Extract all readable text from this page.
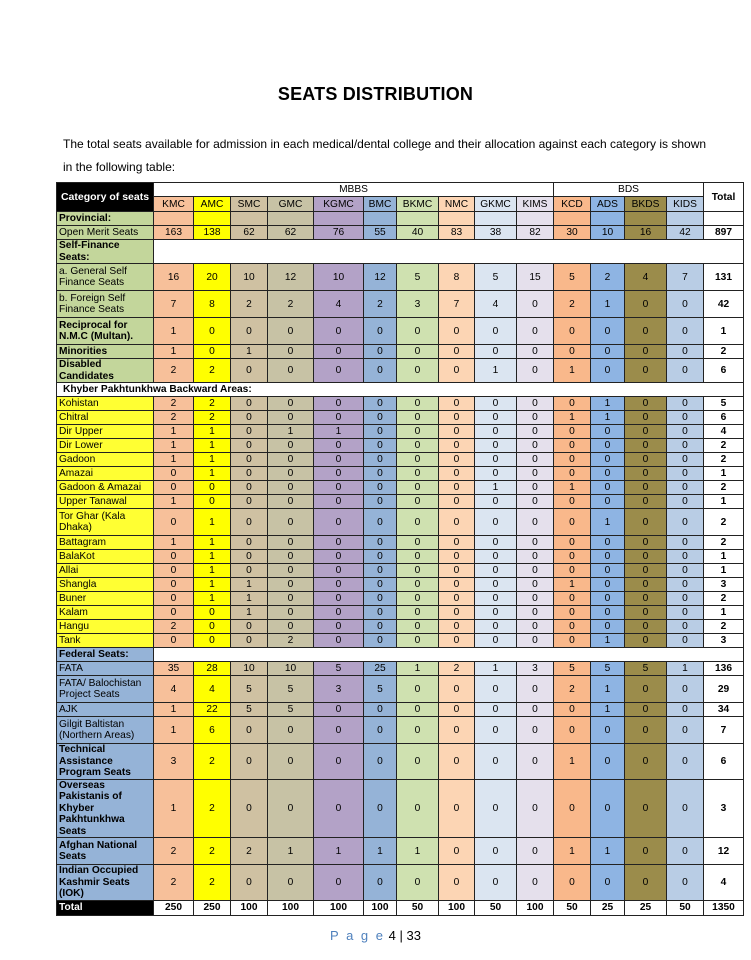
SEATS DISTRIBUTION
The total seats available for admission in each medical/dental college and their allocation against each category is shown in the following table:
Category of seats	MBBS										BDS				Total
	KMC	AMC	SMC	GMC	KGMC	BMC	BKMC	NMC	GKMC	KIMS	KCD	ADS	BKDS	KIDS	
Provincial:															
Open Merit Seats	163	138	62	62	76	55	40	83	38	82	30	10	16	42	897
Self-Finance Seats:															
a. General Self Finance Seats	16	20	10	12	10	12	5	8	5	15	5	2	4	7	131
b. Foreign Self Finance Seats	7	8	2	2	4	2	3	7	4	0	2	1	0	0	42
Reciprocal for N.M.C (Multan).	1	0	0	0	0	0	0	0	0	0	0	0	0	0	1
Minorities	1	0	1	0	0	0	0	0	0	0	0	0	0	0	2
Disabled Candidates	2	2	0	0	0	0	0	0	1	0	1	0	0	0	6
Khyber Pakhtunkhwa Backward Areas:															
Kohistan	2	2	0	0	0	0	0	0	0	0	0	1	0	0	5
Chitral	2	2	0	0	0	0	0	0	0	0	1	1	0	0	6
Dir Upper	1	1	0	1	1	0	0	0	0	0	0	0	0	0	4
Dir Lower	1	1	0	0	0	0	0	0	0	0	0	0	0	0	2
Gadoon	1	1	0	0	0	0	0	0	0	0	0	0	0	0	2
Amazai	0	1	0	0	0	0	0	0	0	0	0	0	0	0	1
Gadoon & Amazai	0	0	0	0	0	0	0	0	1	0	1	0	0	0	2
Upper Tanawal	1	0	0	0	0	0	0	0	0	0	0	0	0	0	1
Tor Ghar (Kala Dhaka)	0	1	0	0	0	0	0	0	0	0	0	1	0	0	2
Battagram	1	1	0	0	0	0	0	0	0	0	0	0	0	0	2
BalaKot	0	1	0	0	0	0	0	0	0	0	0	0	0	0	1
Allai	0	1	0	0	0	0	0	0	0	0	0	0	0	0	1
Shangla	0	1	1	0	0	0	0	0	0	0	1	0	0	0	3
Buner	0	1	1	0	0	0	0	0	0	0	0	0	0	0	2
Kalam	0	0	1	0	0	0	0	0	0	0	0	0	0	0	1
Hangu	2	0	0	0	0	0	0	0	0	0	0	0	0	0	2
Tank	0	0	0	2	0	0	0	0	0	0	0	1	0	0	3
Federal Seats:															
FATA	35	28	10	10	5	25	1	2	1	3	5	5	5	1	136
FATA/ Balochistan Project Seats	4	4	5	5	3	5	0	0	0	0	2	1	0	0	29
AJK	1	22	5	5	0	0	0	0	0	0	0	1	0	0	34
Gilgit Baltistan (Northern Areas)	1	6	0	0	0	0	0	0	0	0	0	0	0	0	7
Technical Assistance Program Seats	3	2	0	0	0	0	0	0	0	0	1	0	0	0	6
Overseas Pakistanis of Khyber Pakhtunkhwa Seats	1	2	0	0	0	0	0	0	0	0	0	0	0	0	3
Afghan National Seats	2	2	2	1	1	1	1	0	0	0	1	1	0	0	12
Indian Occupied Kashmir Seats (IOK)	2	2	0	0	0	0	0	0	0	0	0	0	0	0	4
Total	250	250	100	100	100	100	50	100	50	100	50	25	25	50	1350
P a g e 4 | 33
